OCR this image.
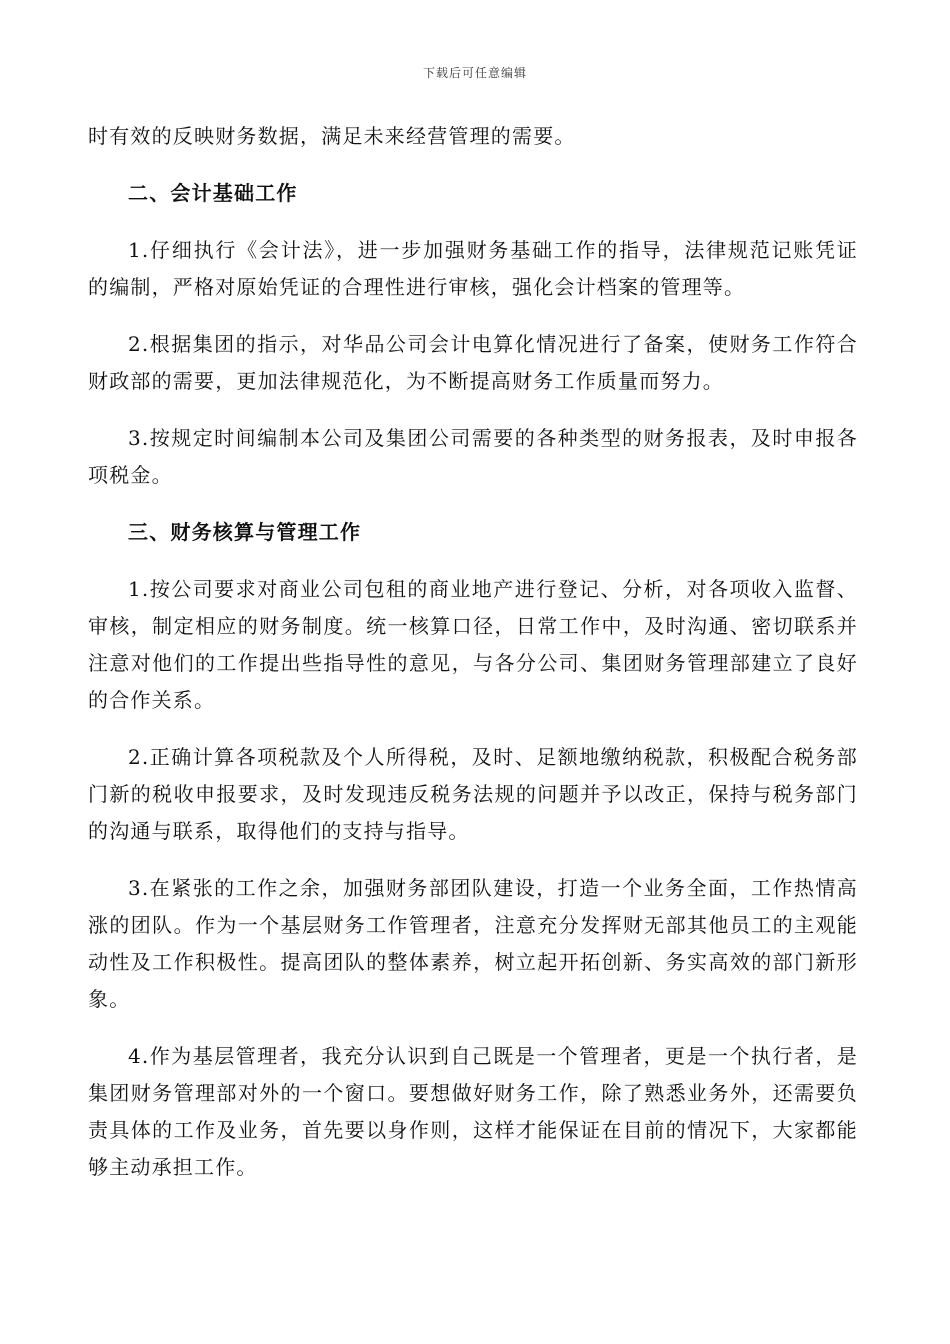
下载后可任意编辑

时有效的反映财务数据，满足未来经营管理的需要。

二、会计基础工作

1.仔细执行《会计法》，进一步加强财务基础工作的指导，法律规范记账凭证的编制，严格对原始凭证的合理性进行审核，强化会计档案的管理等。

2.根据集团的指示，对华品公司会计电算化情况进行了备案，使财务工作符合财政部的需要，更加法律规范化，为不断提高财务工作质量而努力。

3.按规定时间编制本公司及集团公司需要的各种类型的财务报表，及时申报各项税金。

三、财务核算与管理工作

1.按公司要求对商业公司包租的商业地产进行登记、分析，对各项收入监督、审核，制定相应的财务制度。统一核算口径，日常工作中，及时沟通、密切联系并注意对他们的工作提出些指导性的意见，与各分公司、集团财务管理部建立了良好的合作关系。

2.正确计算各项税款及个人所得税，及时、足额地缴纳税款，积极配合税务部门新的税收申报要求，及时发现违反税务法规的问题并予以改正，保持与税务部门的沟通与联系，取得他们的支持与指导。

3.在紧张的工作之余，加强财务部团队建设，打造一个业务全面，工作热情高涨的团队。作为一个基层财务工作管理者，注意充分发挥财无部其他员工的主观能动性及工作积极性。提高团队的整体素养，树立起开拓创新、务实高效的部门新形象。

4.作为基层管理者，我充分认识到自己既是一个管理者，更是一个执行者，是集团财务管理部对外的一个窗口。要想做好财务工作，除了熟悉业务外，还需要负责具体的工作及业务，首先要以身作则，这样才能保证在目前的情况下，大家都能够主动承担工作。
